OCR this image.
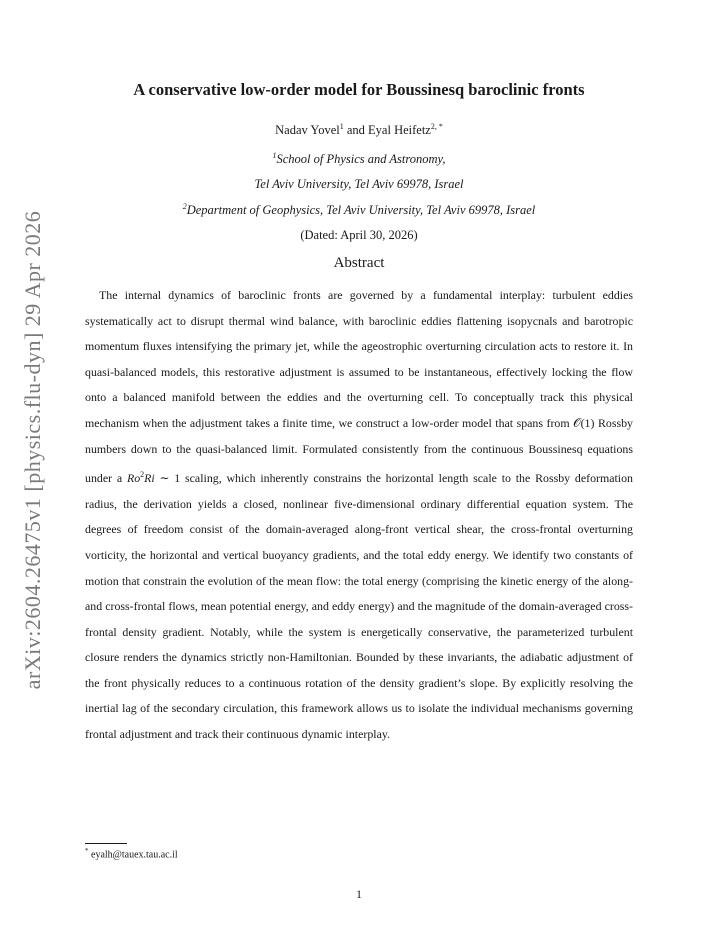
arXiv:2604.26475v1 [physics.flu-dyn] 29 Apr 2026
A conservative low-order model for Boussinesq baroclinic fronts
Nadav Yovel$^1$ and Eyal Heifetz$^{2, *}$
$^1$School of Physics and Astronomy,
Tel Aviv University, Tel Aviv 69978, Israel
$^2$Department of Geophysics, Tel Aviv University, Tel Aviv 69978, Israel
(Dated: April 30, 2026)
Abstract

The internal dynamics of baroclinic fronts are governed by a fundamental interplay: turbulent eddies systematically act to disrupt thermal wind balance, with baroclinic eddies flattening isopycnals and barotropic momentum fluxes intensifying the primary jet, while the ageostrophic overturning circulation acts to restore it. In quasi-balanced models, this restorative adjustment is assumed to be instantaneous, effectively locking the flow onto a balanced manifold between the eddies and the overturning cell. To conceptually track this physical mechanism when the adjustment takes a finite time, we construct a low-order model that spans from 𝒪(1) Rossby numbers down to the quasi-balanced limit. Formulated consistently from the continuous Boussinesq equations under a Ro$^2$Ri ∼ 1 scaling, which inherently constrains the horizontal length scale to the Rossby deformation radius, the derivation yields a closed, nonlinear five-dimensional ordinary differential equation system. The degrees of freedom consist of the domain-averaged along-front vertical shear, the cross-frontal overturning vorticity, the horizontal and vertical buoyancy gradients, and the total eddy energy. We identify two constants of motion that constrain the evolution of the mean flow: the total energy (comprising the kinetic energy of the along- and cross-frontal flows, mean potential energy, and eddy energy) and the magnitude of the domain-averaged cross-frontal density gradient. Notably, while the system is energetically conservative, the parameterized turbulent closure renders the dynamics strictly non-Hamiltonian. Bounded by these invariants, the adiabatic adjustment of the front physically reduces to a continuous rotation of the density gradient’s slope. By explicitly resolving the inertial lag of the secondary circulation, this framework allows us to isolate the individual mechanisms governing frontal adjustment and track their continuous dynamic interplay.

* eyalh@tauex.tau.ac.il
1
